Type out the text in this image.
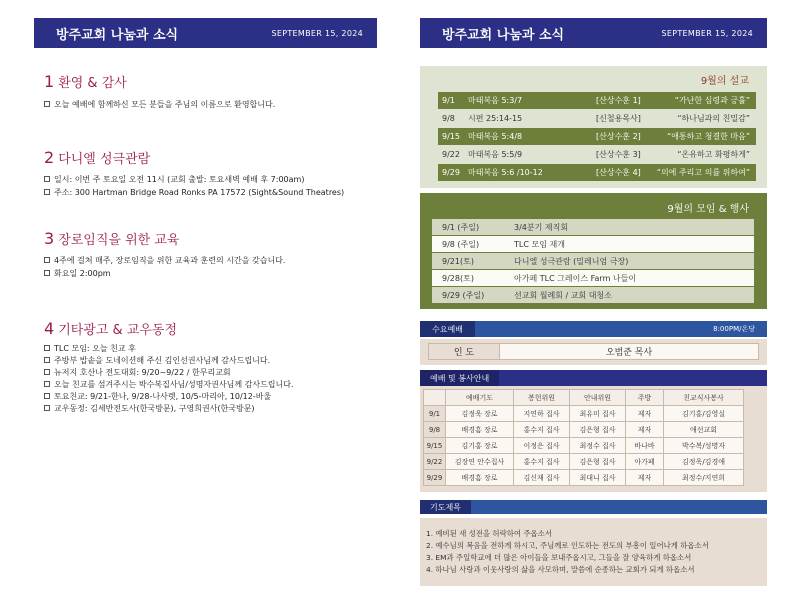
방주교회 나눔과 소식	SEPTEMBER 15, 2024	방주교회 나눔과 소식	SEPTEMBER 15, 2024
1 환영 & 감사
오늘 예배에 함께하신 모든 분들을 주님의 이름으로 환영합니다.
2 다니엘 성극관람
일시: 이번 주 토요일 오전 11시 (교회 출발: 토요새벽 예배 후 7:00am)
주소: 300 Hartman Bridge Road Ronks PA 17572 (Sight&Sound Theatres)
3 장로임직을 위한 교육
4주에 걸쳐 매주, 장로임직을 위한 교육과 훈련의 시간을 갖습니다.
화요일 2:00pm
4 기타광고 & 교우동정
TLC 모임: 오늘 친교 후
주방부 밥솥을 도네이션해 주신 김인선권사님께 감사드립니다.
뉴저지 호산나 전도대회: 9/20~9/22 / 한무리교회
오늘 친교를 섬겨주시는 박수복집사님/성명자권사님께 감사드립니다.
토요친교: 9/21-한나, 9/28-나사렛, 10/5-마리아, 10/12-바울
교우동정: 김세반전도사(한국방문), 구영희권사(한국방문)
9월의 설교
9/1	마태복음 5:3/7	[산상수훈 1]	“가난한 심령과 긍휼”
9/8	시편 25:14-15	[신철용목사]	“하나님과의 친밀감”
9/15	마태복음 5:4/8	[산상수훈 2]	“애통하고 청결한 마음”
9/22	마태복음 5:5/9	[산상수훈 3]	“온유하고 화평하게”
9/29	마태복음 5:6 /10-12	[산상수훈 4]	“의에 주리고 의를 위하여”
9월의 모임 & 행사
9/1 (주일)	3/4분기 제직회
9/8 (주일)	TLC 모임 재개
9/21(토)	다니엘 성극관람 (밀레니엄 극장)
9/28(토)	아가페 TLC 그레이스 Farm 나들이
9/29 (주일)	선교회 월례회 / 교회 대청소
수요예배	8:00PM/온당
인 도	오범준 목사
예배 및 봉사안내
	예배기도	봉헌위원	안내위원	주방	친교식사봉사
9/1	김정욱 장로	지연하 집사	최유미 집사	제자	김기홍/김영실
9/8	배경흠 장로	홍수지 집사	김은형 집사	제자	애선교회
9/15	김기홍 장로	이정은 집사	최정수 집사	바나바	박수복/성명자
9/22	김장연 안수집사	홍수지 집사	김은형 집사	아가페	김정욱/김경애
9/29	배경흠 장로	김신재 집사	최대니 집사	제자	최정수/지연희
기도제목
1. 예비된 새 성전을 허락하여 주옵소서
2. 예수님의 복음을 전하게 하시고, 주님께로 인도하는 전도의 부흥이 일어나게 하옵소서
3. EM과 주일학교에 더 많은 아이들을 보내주옵시고, 그들을 잘 양육하게 하옵소서
4. 하나님 사랑과 이웃사랑의 삶을 사모하며, 말씀에 순종하는 교회가 되게 하옵소서
